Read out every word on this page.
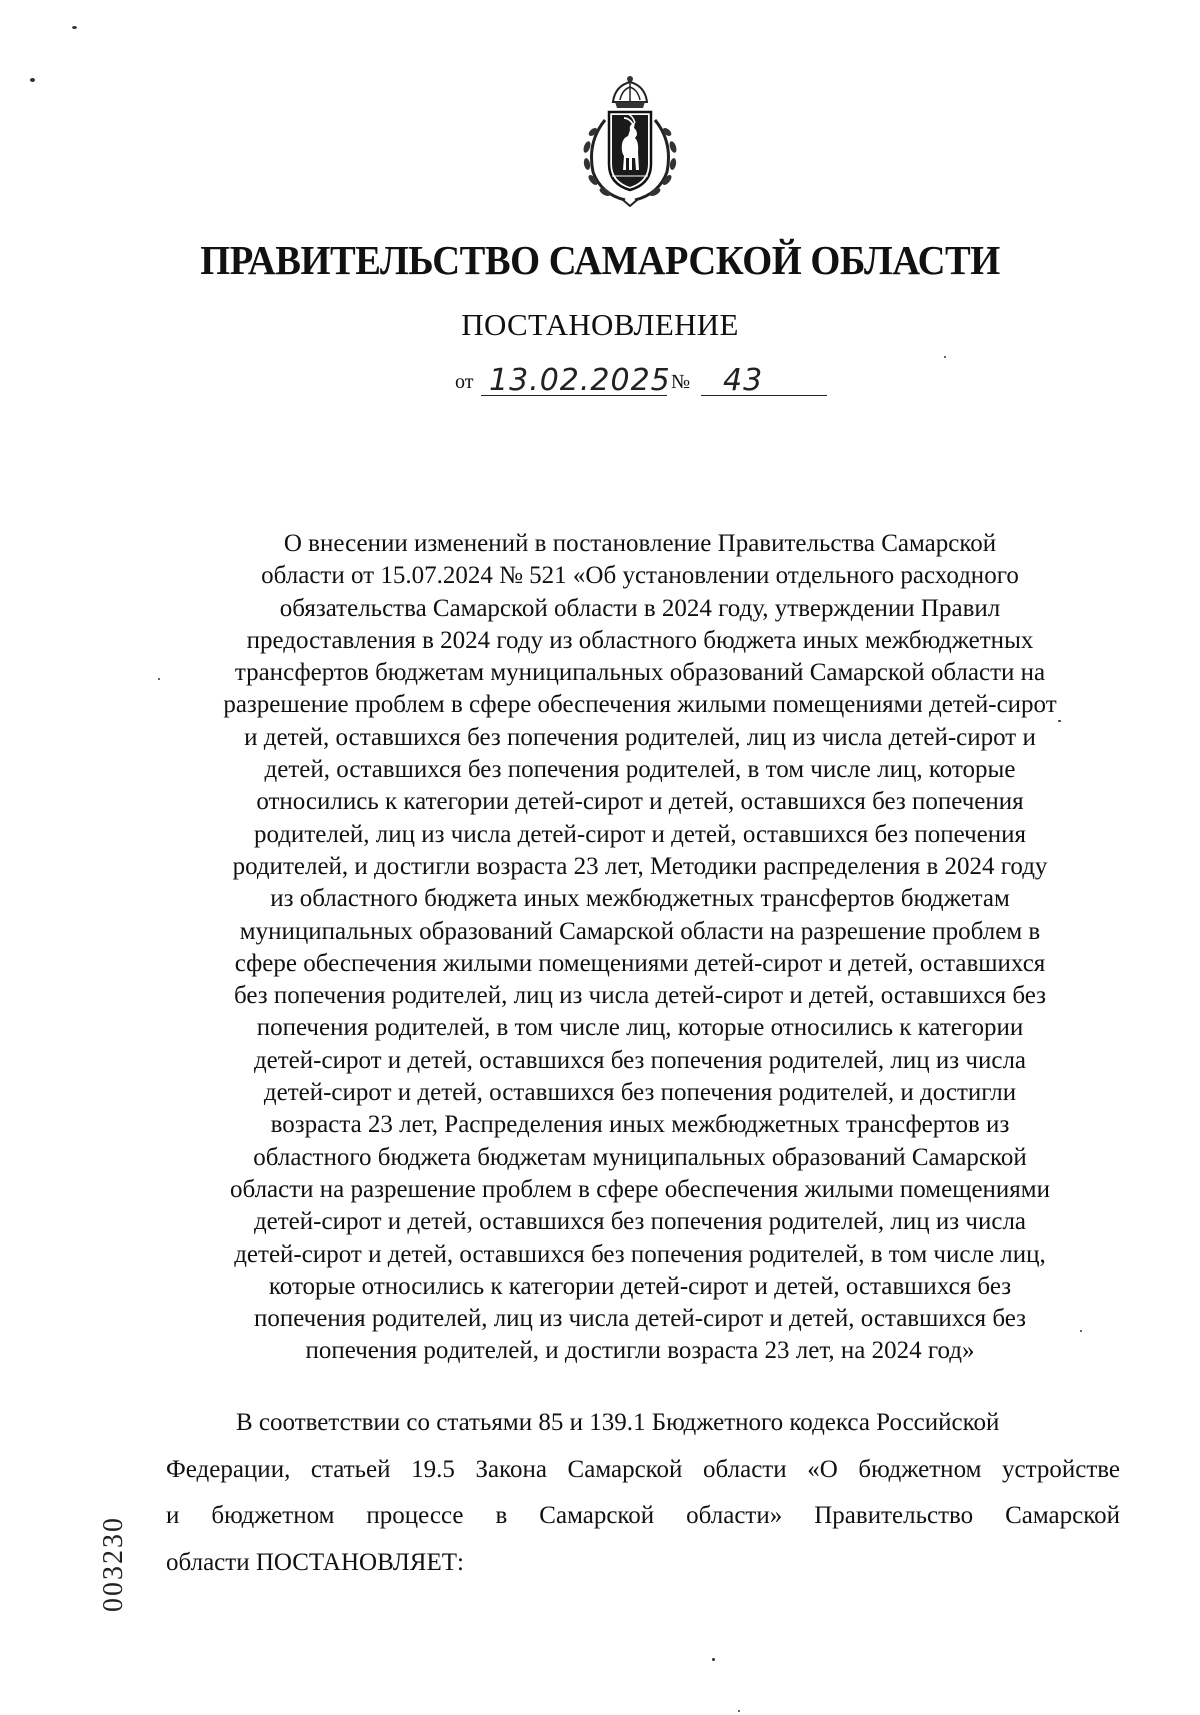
ПРАВИТЕЛЬСТВО САМАРСКОЙ ОБЛАСТИ
ПОСТАНОВЛЕНИЕ
от 13.02.2025 № 43
О внесении изменений в постановление Правительства Самарской
области от 15.07.2024 № 521 «Об установлении отдельного расходного
обязательства Самарской области в 2024 году, утверждении Правил
предоставления в 2024 году из областного бюджета иных межбюджетных
трансфертов бюджетам муниципальных образований Самарской области на
разрешение проблем в сфере обеспечения жилыми помещениями детей-сирот
и детей, оставшихся без попечения родителей, лиц из числа детей-сирот и
детей, оставшихся без попечения родителей, в том числе лиц, которые
относились к категории детей-сирот и детей, оставшихся без попечения
родителей, лиц из числа детей-сирот и детей, оставшихся без попечения
родителей, и достигли возраста 23 лет, Методики распределения в 2024 году
из областного бюджета иных межбюджетных трансфертов бюджетам
муниципальных образований Самарской области на разрешение проблем в
сфере обеспечения жилыми помещениями детей-сирот и детей, оставшихся
без попечения родителей, лиц из числа детей-сирот и детей, оставшихся без
попечения родителей, в том числе лиц, которые относились к категории
детей-сирот и детей, оставшихся без попечения родителей, лиц из числа
детей-сирот и детей, оставшихся без попечения родителей, и достигли
возраста 23 лет, Распределения иных межбюджетных трансфертов из
областного бюджета бюджетам муниципальных образований Самарской
области на разрешение проблем в сфере обеспечения жилыми помещениями
детей-сирот и детей, оставшихся без попечения родителей, лиц из числа
детей-сирот и детей, оставшихся без попечения родителей, в том числе лиц,
которые относились к категории детей-сирот и детей, оставшихся без
попечения родителей, лиц из числа детей-сирот и детей, оставшихся без
попечения родителей, и достигли возраста 23 лет, на 2024 год»
В соответствии со статьями 85 и 139.1 Бюджетного кодекса Российской
Федерации, статьей 19.5 Закона Самарской области «О бюджетном устройстве
и бюджетном процессе в Самарской области» Правительство Самарской
области ПОСТАНОВЛЯЕТ:
003230
